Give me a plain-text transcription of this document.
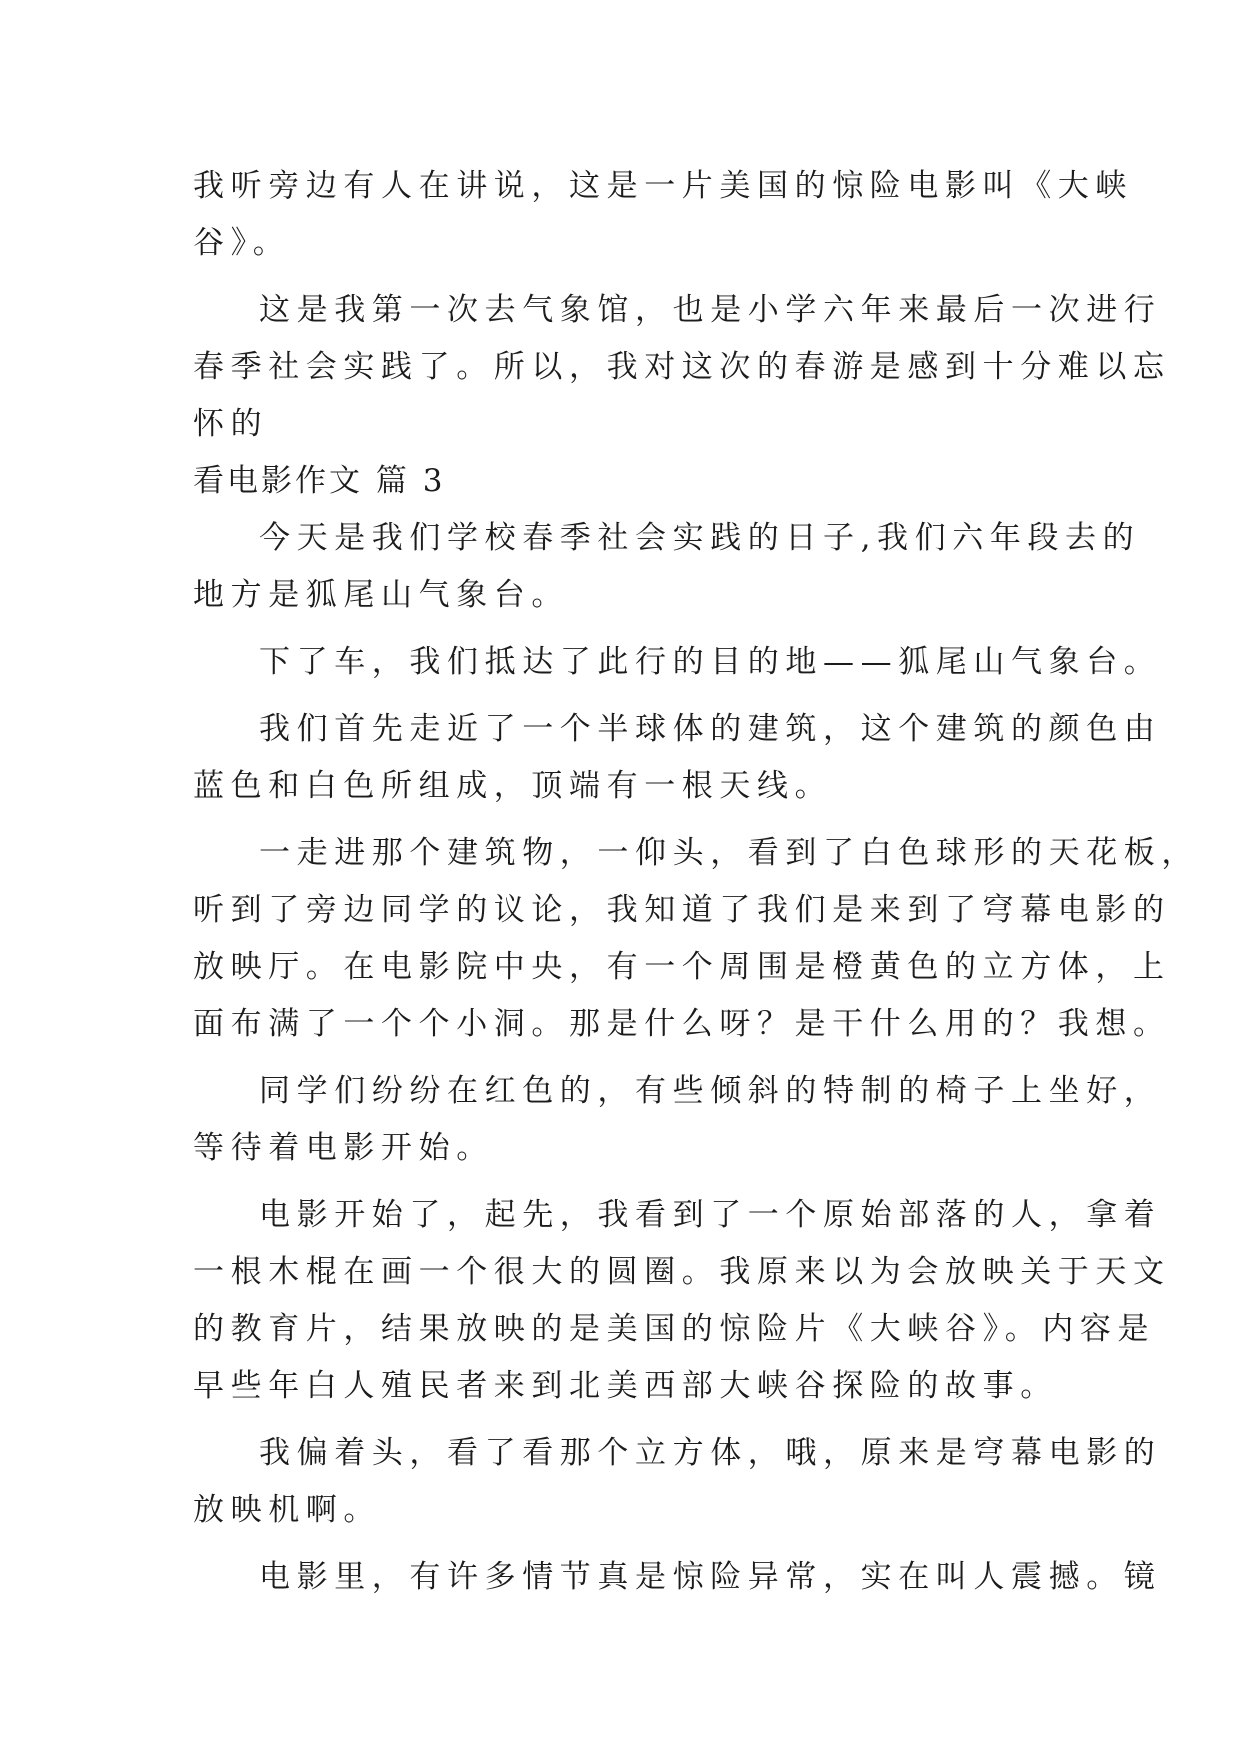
我听旁边有人在讲说，这是一片美国的惊险电影叫《大峡
谷》。
这是我第一次去气象馆，也是小学六年来最后一次进行
春季社会实践了。所以，我对这次的春游是感到十分难以忘
怀的
看电影作文 篇 3
今天是我们学校春季社会实践的日子,我们六年段去的
地方是狐尾山气象台。
下了车，我们抵达了此行的目的地——狐尾山气象台。
我们首先走近了一个半球体的建筑，这个建筑的颜色由
蓝色和白色所组成，顶端有一根天线。
一走进那个建筑物，一仰头，看到了白色球形的天花板，
听到了旁边同学的议论，我知道了我们是来到了穹幕电影的
放映厅。在电影院中央，有一个周围是橙黄色的立方体，上
面布满了一个个小洞。那是什么呀？是干什么用的？我想。
同学们纷纷在红色的，有些倾斜的特制的椅子上坐好，
等待着电影开始。
电影开始了，起先，我看到了一个原始部落的人，拿着
一根木棍在画一个很大的圆圈。我原来以为会放映关于天文
的教育片，结果放映的是美国的惊险片《大峡谷》。内容是
早些年白人殖民者来到北美西部大峡谷探险的故事。
我偏着头，看了看那个立方体，哦，原来是穹幕电影的
放映机啊。
电影里，有许多情节真是惊险异常，实在叫人震撼。镜
